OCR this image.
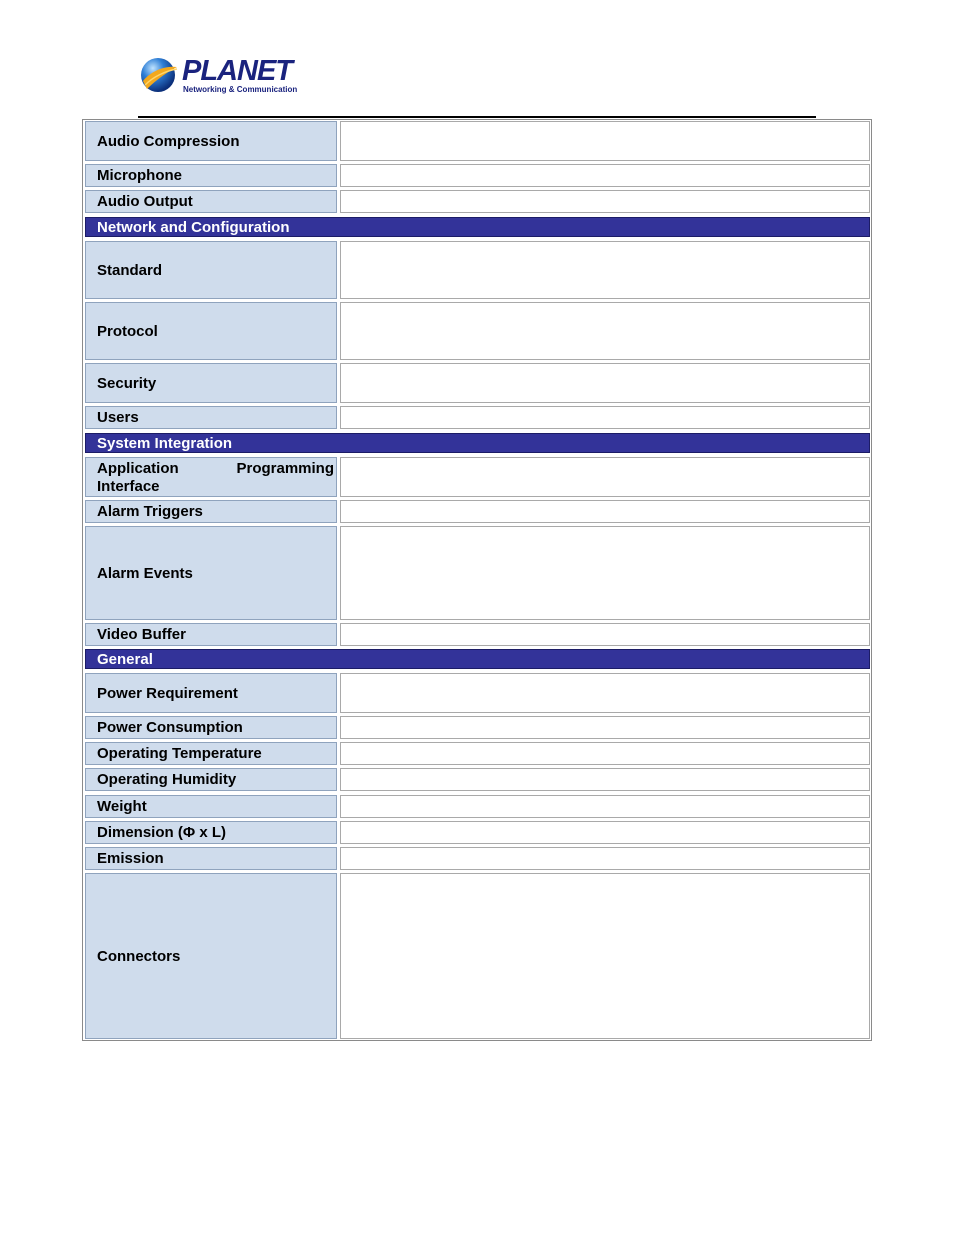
PLANET
Networking & Communication
Audio Compression
Microphone
Audio Output
Network and Configuration
Standard
Protocol
Security
Users
System Integration
Application	Programming
Interface
Alarm Triggers
Alarm Events
Video Buffer
General
Power Requirement
Power Consumption
Operating Temperature
Operating Humidity
Weight
Dimension (Φ x L)
Emission
Connectors
